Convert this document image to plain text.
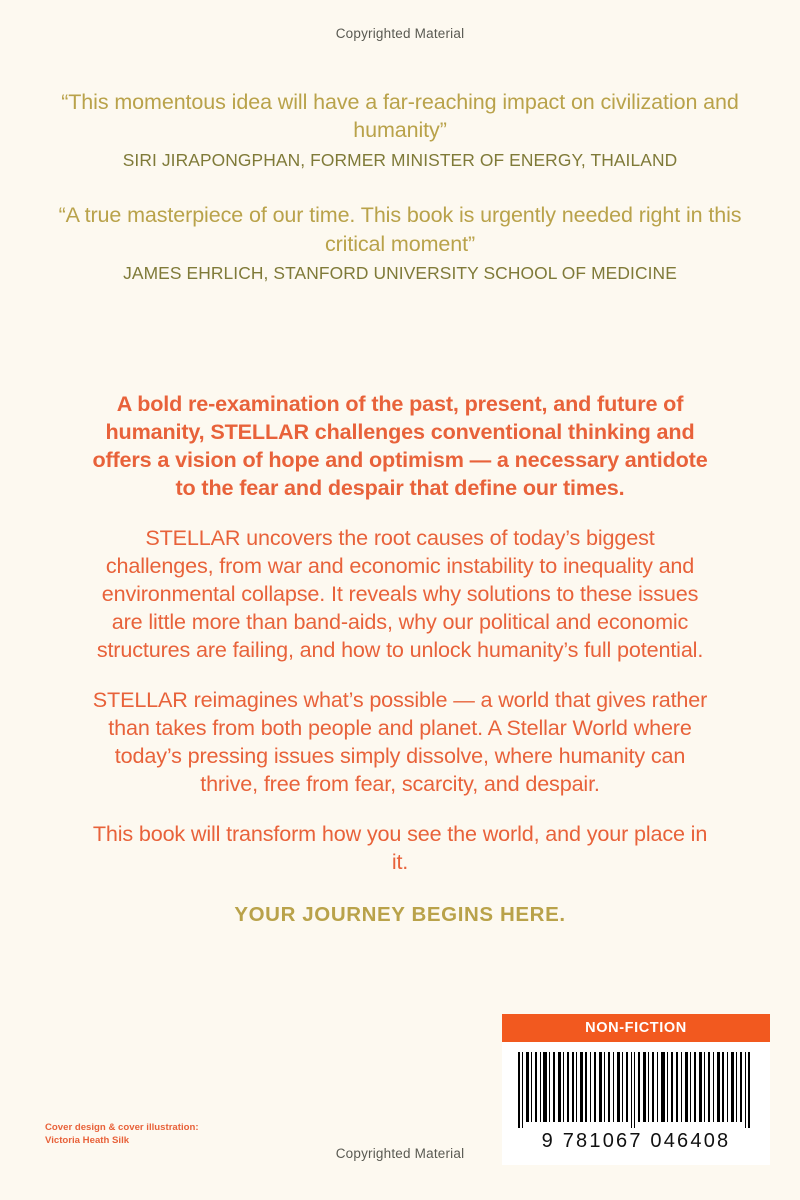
Copyrighted Material
“This momentous idea will have a far-reaching impact on civilization and humanity”
SIRI JIRAPONGPHAN, FORMER MINISTER OF ENERGY, THAILAND
“A true masterpiece of our time. This book is urgently needed right in this critical moment”
JAMES EHRLICH, STANFORD UNIVERSITY SCHOOL OF MEDICINE

A bold re-examination of the past, present, and future of humanity, STELLAR challenges conventional thinking and offers a vision of hope and optimism — a necessary antidote to the fear and despair that define our times.

STELLAR uncovers the root causes of today’s biggest challenges, from war and economic instability to inequality and environmental collapse. It reveals why solutions to these issues are little more than band-aids, why our political and economic structures are failing, and how to unlock humanity’s full potential.

STELLAR reimagines what’s possible — a world that gives rather than takes from both people and planet. A Stellar World where today’s pressing issues simply dissolve, where humanity can thrive, free from fear, scarcity, and despair.

This book will transform how you see the world, and your place in it.

YOUR JOURNEY BEGINS HERE.
Cover design & cover illustration:
Victoria Heath Silk
Copyrighted Material
NON-FICTION
9 781067 046408
